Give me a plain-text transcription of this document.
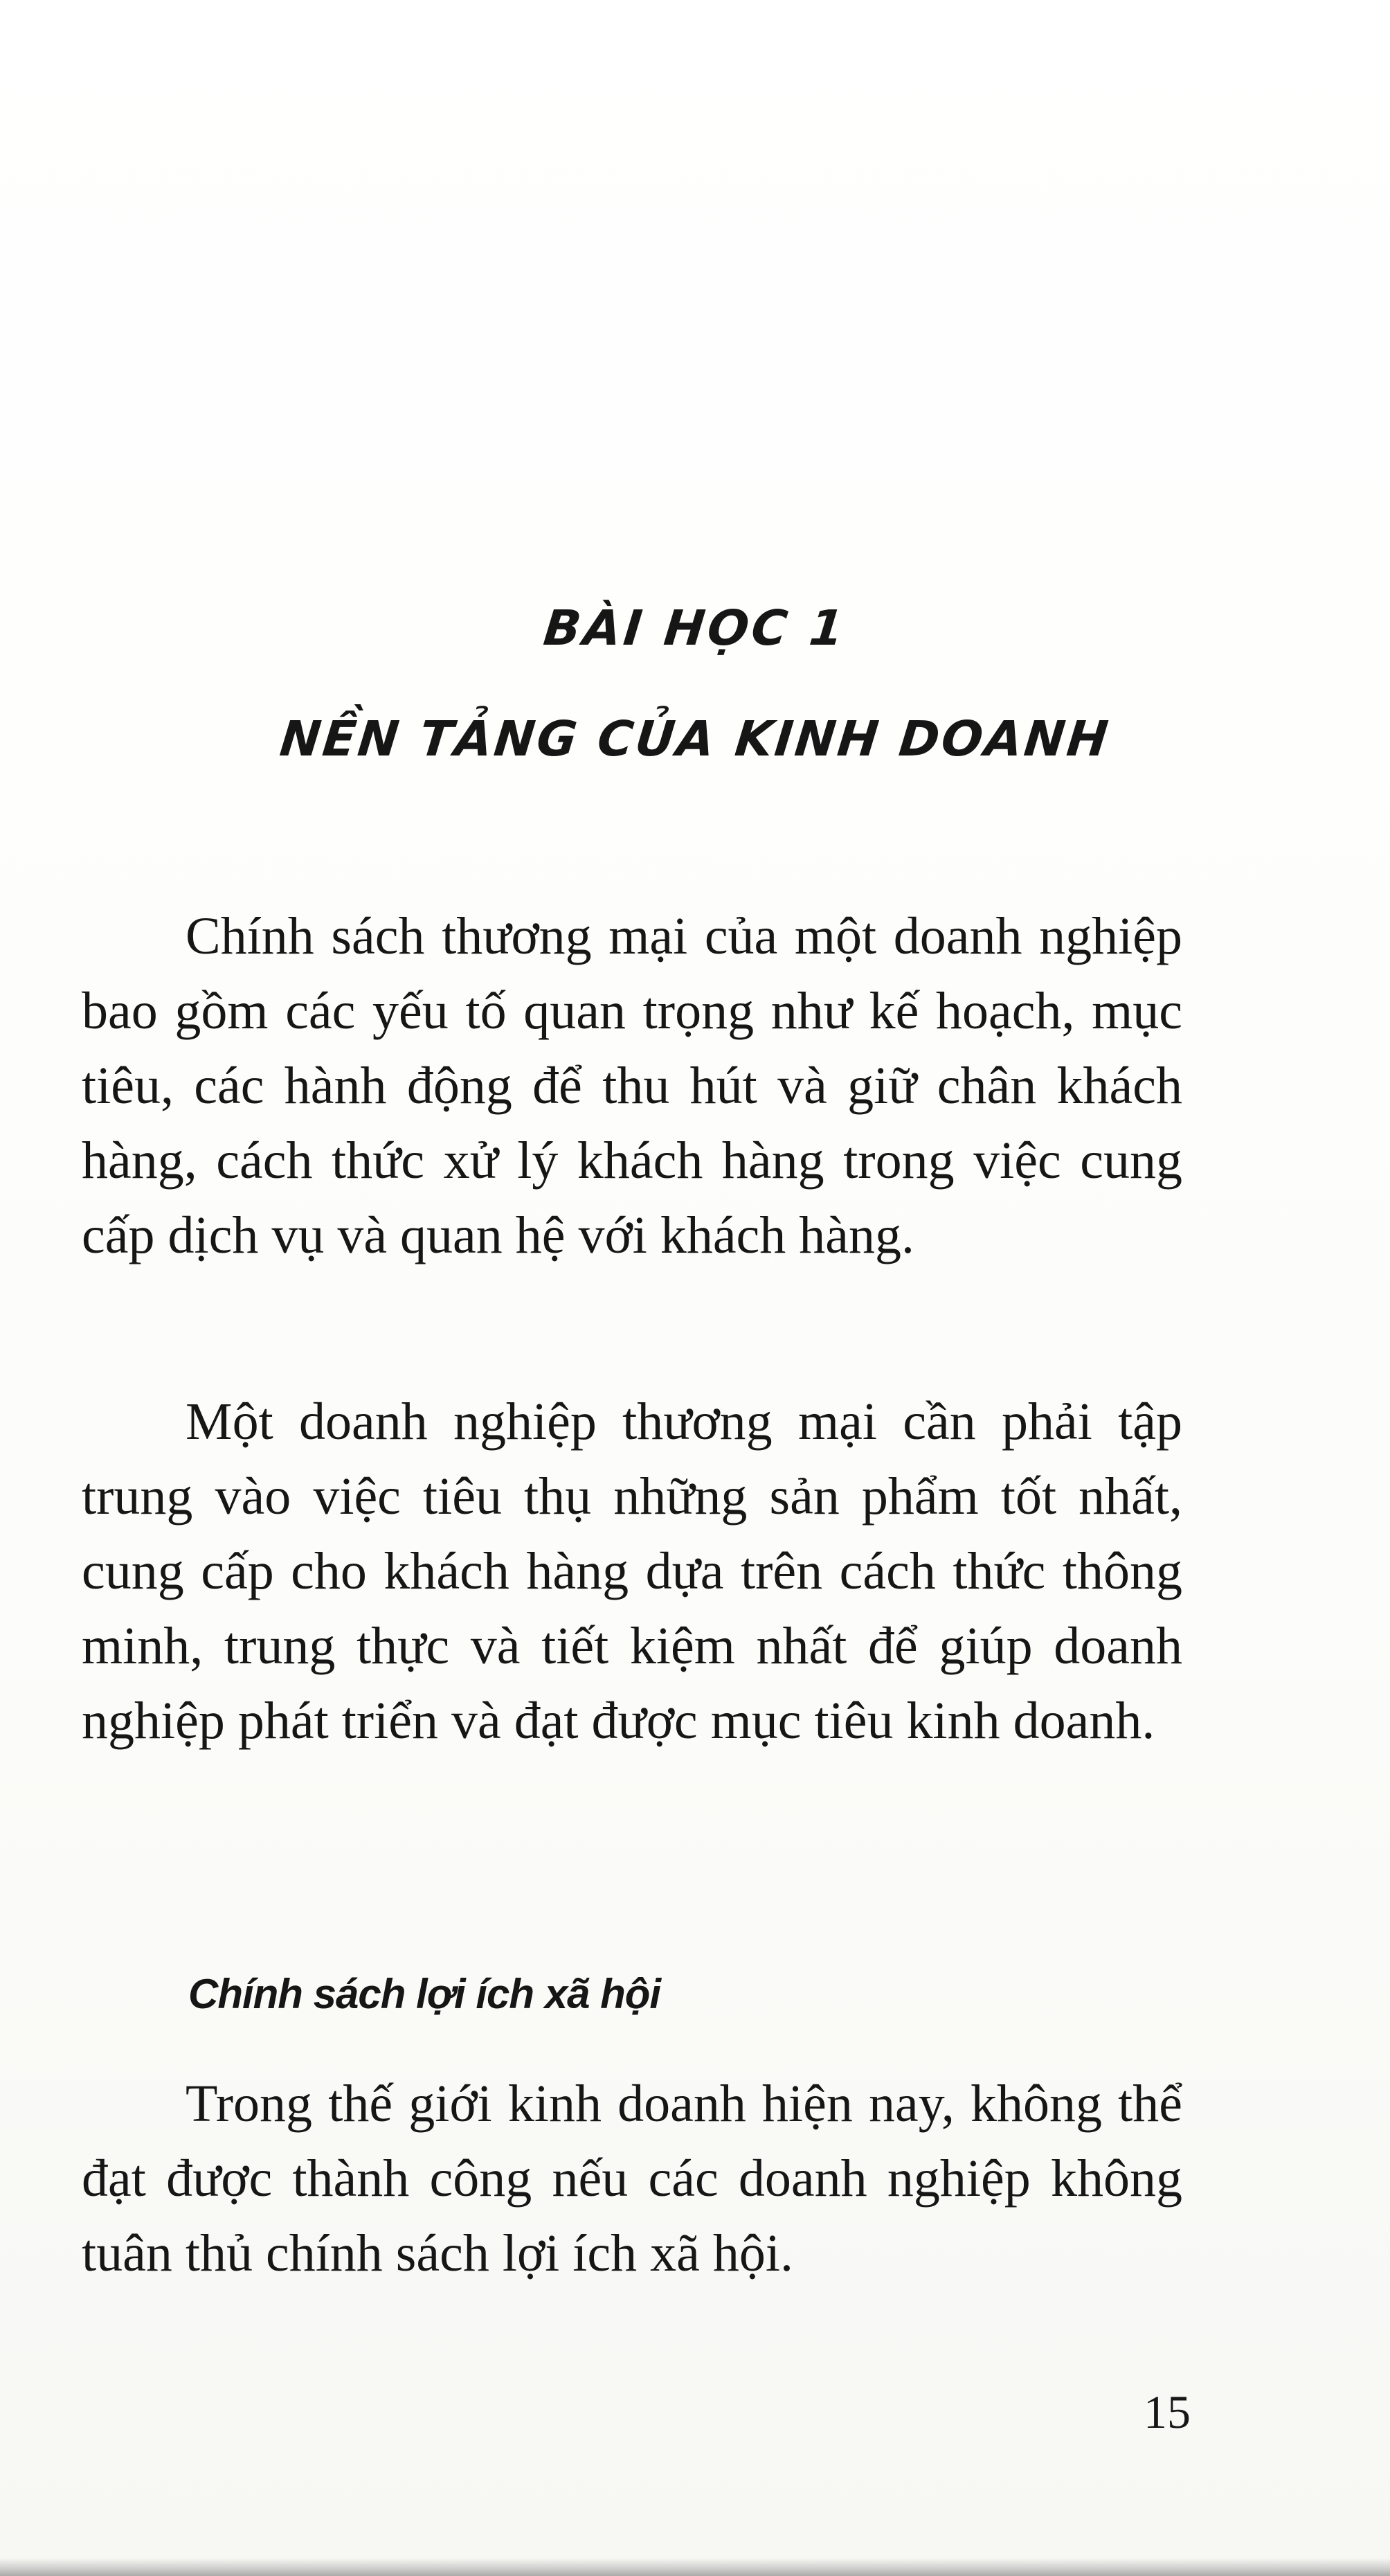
BÀI HỌC 1
NỀN TẢNG CỦA KINH DOANH

Chính sách thương mại của một doanh nghiệp bao gồm các yếu tố quan trọng như kế hoạch, mục tiêu, các hành động để thu hút và giữ chân khách hàng, cách thức xử lý khách hàng trong việc cung cấp dịch vụ và quan hệ với khách hàng.

Một doanh nghiệp thương mại cần phải tập trung vào việc tiêu thụ những sản phẩm tốt nhất, cung cấp cho khách hàng dựa trên cách thức thông minh, trung thực và tiết kiệm nhất để giúp doanh nghiệp phát triển và đạt được mục tiêu kinh doanh.

Chính sách lợi ích xã hội

Trong thế giới kinh doanh hiện nay, không thể đạt được thành công nếu các doanh nghiệp không tuân thủ chính sách lợi ích xã hội.

15
